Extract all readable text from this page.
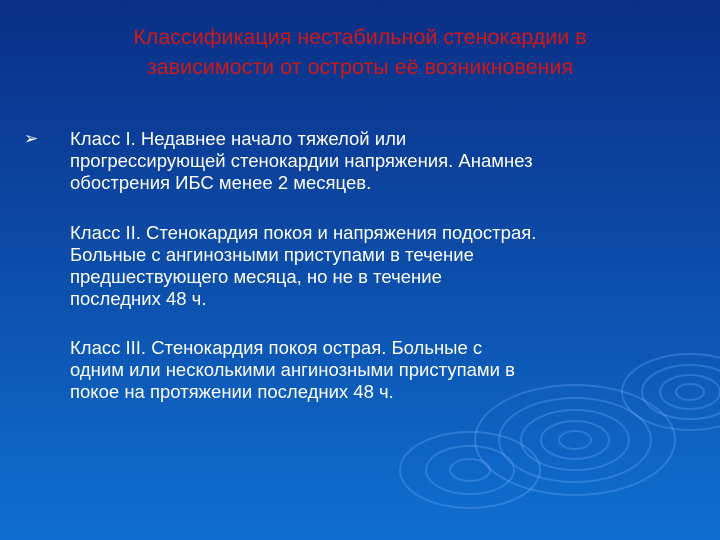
Классификация нестабильной стенокардии в
зависимости от остроты её возникновения
➢ Класс I. Недавнее начало тяжелой или
прогрессирующей стенокардии напряжения. Анамнез
обострения ИБС менее 2 месяцев.
Класс II. Стенокардия покоя и напряжения подострая.
Больные с ангинозными приступами в течение
предшествующего месяца, но не в течение
последних 48 ч.
Класс III. Стенокардия покоя острая. Больные с
одним или несколькими ангинозными приступами в
покое на протяжении последних 48 ч.
